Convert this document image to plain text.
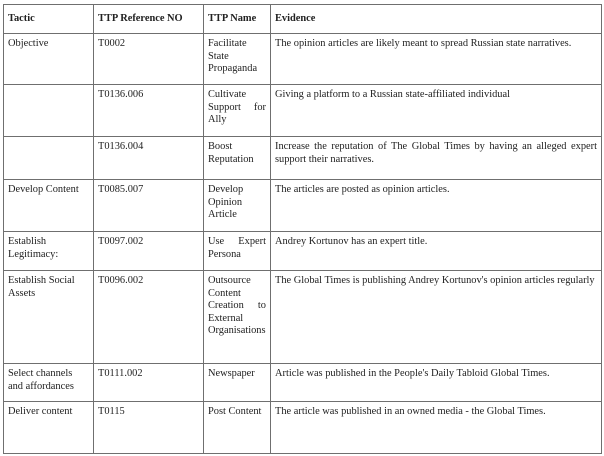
Tactic	TTP Reference NO	TTP Name	Evidence
Objective	T0002	Facilitate State Propaganda	The opinion articles are likely meant to spread Russian state narratives.
	T0136.006	Cultivate Support for Ally	Giving a platform to a Russian state-affiliated individual
	T0136.004	Boost Reputation	Increase the reputation of The Global Times by having an alleged expert support their narratives.
Develop Content	T0085.007	Develop Opinion Article	The articles are posted as opinion articles.
Establish Legitimacy:	T0097.002	Use Expert Persona	Andrey Kortunov has an expert title.
Establish Social Assets	T0096.002	Outsource Content Creation to External Organisations	The Global Times is publishing Andrey Kortunov's opinion articles regularly
Select channels and affordances	T0111.002	Newspaper	Article was published in the People's Daily Tabloid Global Times.
Deliver content	T0115	Post Content	The article was published in an owned media - the Global Times.
